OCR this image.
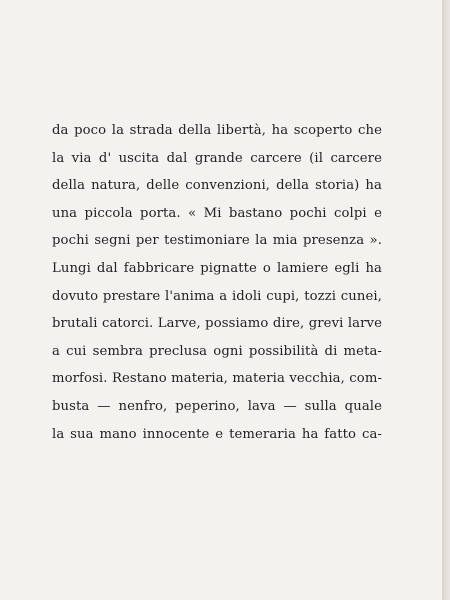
da poco la strada della libertà, ha scoperto che
la via d' uscita dal grande carcere (il carcere
della natura, delle convenzioni, della storia) ha
una piccola porta. « Mi bastano pochi colpi e
pochi segni per testimoniare la mia presenza ».
Lungi dal fabbricare pignatte o lamiere egli ha
dovuto prestare l'anima a idoli cupi, tozzi cunei,
brutali catorci. Larve, possiamo dire, grevi larve
a cui sembra preclusa ogni possibilità di meta-
morfosi. Restano materia, materia vecchia, com-
busta — nenfro, peperino, lava — sulla quale
la sua mano innocente e temeraria ha fatto ca-
